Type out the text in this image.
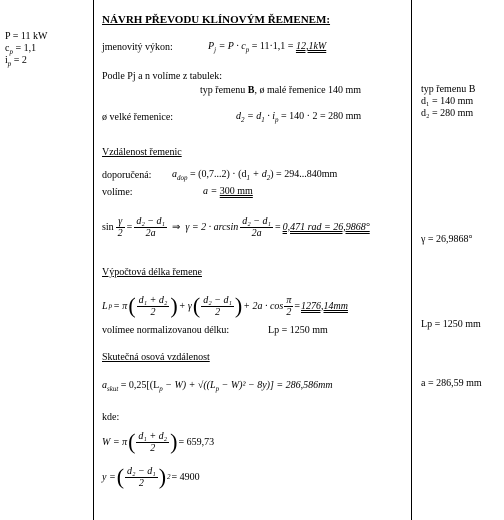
P = 11 kW
$c_p = 1,1$
$i_p = 2$
NÁVRH PŘEVODU KLÍNOVÝM ŘEMENEM:
jmenovitý výkon:	$P_j = P \cdot c_p = 11\cdot 1,1 = 12,1kW$
Podle Pj a n volíme z tabulek:
typ řemenu B, ø malé řemenice 140 mm
ø velké řemenice:	$d_2 = d_1 \cdot i_p = 140 \cdot 2 = 280$ mm
Vzdálenost řemenic
doporučená: $a_{dop} = (0,7...2) \cdot (d_1 + d_2) = 294...840mm$
volíme:	a = 300 mm
$\sin \frac{\gamma}{2} = \frac{\text{d₂ − d₁}}{2a}$ ⇒ $\gamma = 2 \cdot \arcsin \frac{\text{d₂ − d₁}}{2a} = 0,471$ rad = 26,9868°
Výpočtová délka řemene
L p = π ( $\frac{\text{d₁ + d₂}}{2}$ ) + γ ( $\frac{\text{d₂ − d₁}}{2}$ ) + $2a \cdot \cos \frac{\pi}{2} = 1276,14mm$
volímee normalizovanou délku:	Lp = 1250 mm
Skutečná osová vzdálenost
$a_{skut} = 0,25[(L_p - W) + √((L_p - W)^2 - 8y)] = 286,586mm$
kde:
W = π ( $\frac{\text{d₁ + d₂}}{2}$ ) = 659,73
y = ( $\frac{\text{d₂ − d₁}}{2}$ ) 2 = 4900
typ řemenu B
d₁ = 140 mm
d₂ = 280 mm
γ = 26,9868°
Lp = 1250 mm
a = 286,59 mm
